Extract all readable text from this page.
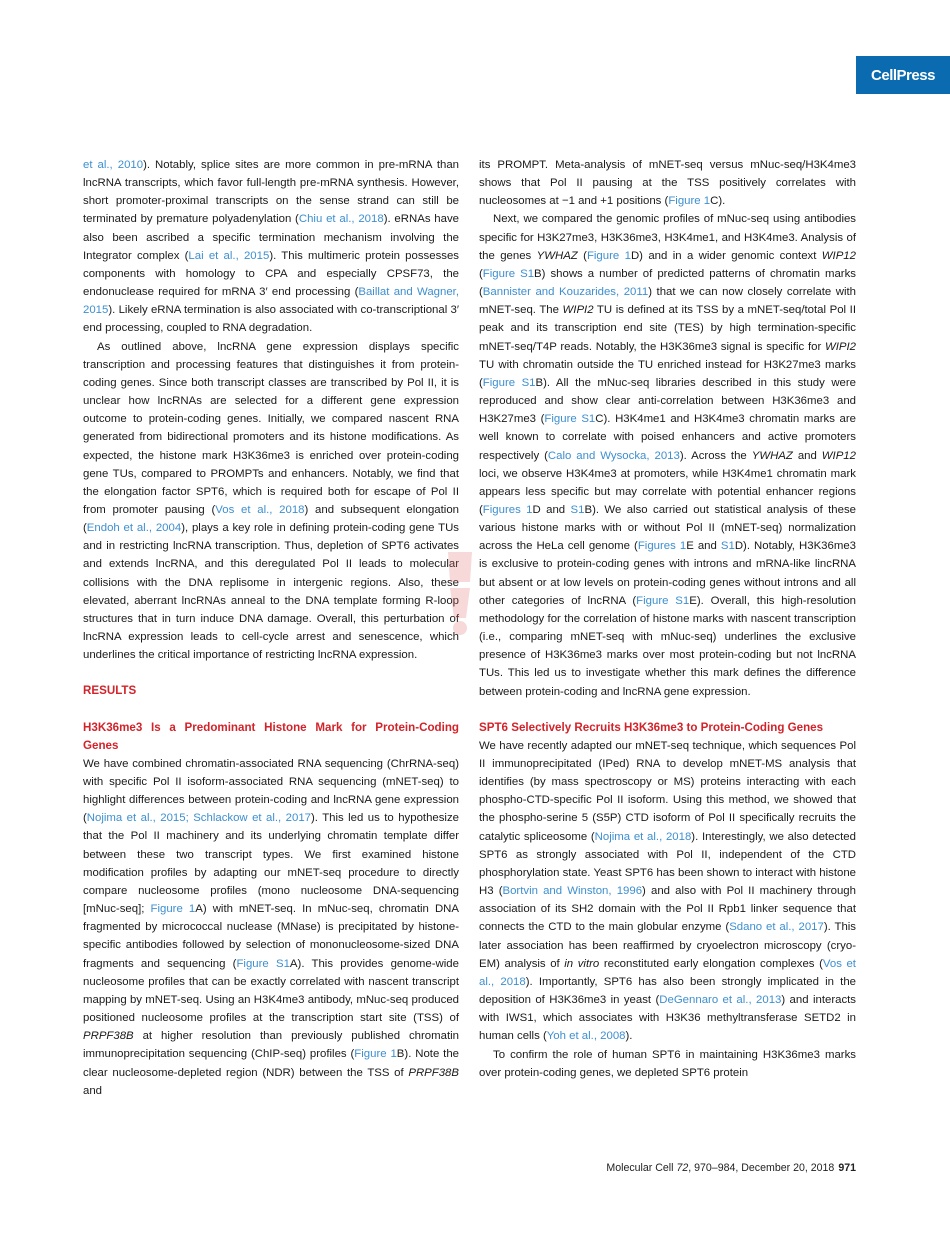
CellPress

et al., 2010). Notably, splice sites are more common in pre-mRNA than lncRNA transcripts, which favor full-length pre-mRNA synthesis. However, short promoter-proximal transcripts on the sense strand can still be terminated by premature polyadenylation (Chiu et al., 2018). eRNAs have also been ascribed a specific termination mechanism involving the Integrator complex (Lai et al., 2015). This multimeric protein possesses components with homology to CPA and especially CPSF73, the endonuclease required for mRNA 3′ end processing (Baillat and Wagner, 2015). Likely eRNA termination is also associated with co-transcriptional 3′ end processing, coupled to RNA degradation.

As outlined above, lncRNA gene expression displays specific transcription and processing features that distinguishes it from protein-coding genes. Since both transcript classes are transcribed by Pol II, it is unclear how lncRNAs are selected for a different gene expression outcome to protein-coding genes. Initially, we compared nascent RNA generated from bidirectional promoters and its histone modifications. As expected, the histone mark H3K36me3 is enriched over protein-coding gene TUs, compared to PROMPTs and enhancers. Notably, we find that the elongation factor SPT6, which is required both for escape of Pol II from promoter pausing (Vos et al., 2018) and subsequent elongation (Endoh et al., 2004), plays a key role in defining protein-coding gene TUs and in restricting lncRNA transcription. Thus, depletion of SPT6 activates and extends lncRNA, and this deregulated Pol II leads to molecular collisions with the DNA replisome in intergenic regions. Also, these elevated, aberrant lncRNAs anneal to the DNA template forming R-loop structures that in turn induce DNA damage. Overall, this perturbation of lncRNA expression leads to cell-cycle arrest and senescence, which underlines the critical importance of restricting lncRNA expression.

RESULTS
H3K36me3 Is a Predominant Histone Mark for Protein-Coding Genes

We have combined chromatin-associated RNA sequencing (ChrRNA-seq) with specific Pol II isoform-associated RNA sequencing (mNET-seq) to highlight differences between protein-coding and lncRNA gene expression (Nojima et al., 2015; Schlackow et al., 2017). This led us to hypothesize that the Pol II machinery and its underlying chromatin template differ between these two transcript types. We first examined histone modification profiles by adapting our mNET-seq procedure to directly compare nucleosome profiles (mono nucleosome DNA-sequencing [mNuc-seq]; Figure 1A) with mNET-seq. In mNuc-seq, chromatin DNA fragmented by micrococcal nuclease (MNase) is precipitated by histone-specific antibodies followed by selection of mononucleosome-sized DNA fragments and sequencing (Figure S1A). This provides genome-wide nucleosome profiles that can be exactly correlated with nascent transcript mapping by mNET-seq. Using an H3K4me3 antibody, mNuc-seq produced positioned nucleosome profiles at the transcription start site (TSS) of PRPF38B at higher resolution than previously published chromatin immunoprecipitation sequencing (ChIP-seq) profiles (Figure 1B). Note the clear nucleosome-depleted region (NDR) between the TSS of PRPF38B and

its PROMPT. Meta-analysis of mNET-seq versus mNuc-seq/H3K4me3 shows that Pol II pausing at the TSS positively correlates with nucleosomes at −1 and +1 positions (Figure 1C).

Next, we compared the genomic profiles of mNuc-seq using antibodies specific for H3K27me3, H3K36me3, H3K4me1, and H3K4me3. Analysis of the genes YWHAZ (Figure 1D) and in a wider genomic context WIP12 (Figure S1B) shows a number of predicted patterns of chromatin marks (Bannister and Kouzarides, 2011) that we can now closely correlate with mNET-seq. The WIPI2 TU is defined at its TSS by a mNET-seq/total Pol II peak and its transcription end site (TES) by high termination-specific mNET-seq/T4P reads. Notably, the H3K36me3 signal is specific for WIPI2 TU with chromatin outside the TU enriched instead for H3K27me3 marks (Figure S1B). All the mNuc-seq libraries described in this study were reproduced and show clear anti-correlation between H3K36me3 and H3K27me3 (Figure S1C). H3K4me1 and H3K4me3 chromatin marks are well known to correlate with poised enhancers and active promoters respectively (Calo and Wysocka, 2013). Across the YWHAZ and WIP12 loci, we observe H3K4me3 at promoters, while H3K4me1 chromatin mark appears less specific but may correlate with potential enhancer regions (Figures 1D and S1B). We also carried out statistical analysis of these various histone marks with or without Pol II (mNET-seq) normalization across the HeLa cell genome (Figures 1E and S1D). Notably, H3K36me3 is exclusive to protein-coding genes with introns and mRNA-like lincRNA but absent or at low levels on protein-coding genes without introns and all other categories of lncRNA (Figure S1E). Overall, this high-resolution methodology for the correlation of histone marks with nascent transcription (i.e., comparing mNET-seq with mNuc-seq) underlines the exclusive presence of H3K36me3 marks over most protein-coding but not lncRNA TUs. This led us to investigate whether this mark defines the difference between protein-coding and lncRNA gene expression.

SPT6 Selectively Recruits H3K36me3 to Protein-Coding Genes

We have recently adapted our mNET-seq technique, which sequences Pol II immunoprecipitated (IPed) RNA to develop mNET-MS analysis that identifies (by mass spectroscopy or MS) proteins interacting with each phospho-CTD-specific Pol II isoform. Using this method, we showed that the phospho-serine 5 (S5P) CTD isoform of Pol II specifically recruits the catalytic spliceosome (Nojima et al., 2018). Interestingly, we also detected SPT6 as strongly associated with Pol II, independent of the CTD phosphorylation state. Yeast SPT6 has been shown to interact with histone H3 (Bortvin and Winston, 1996) and also with Pol II machinery through association of its SH2 domain with the Pol II Rpb1 linker sequence that connects the CTD to the main globular enzyme (Sdano et al., 2017). This later association has been reaffirmed by cryoelectron microscopy (cryo-EM) analysis of in vitro reconstituted early elongation complexes (Vos et al., 2018). Importantly, SPT6 has also been strongly implicated in the deposition of H3K36me3 in yeast (DeGennaro et al., 2013) and interacts with IWS1, which associates with H3K36 methyltransferase SETD2 in human cells (Yoh et al., 2008).

To confirm the role of human SPT6 in maintaining H3K36me3 marks over protein-coding genes, we depleted SPT6 protein

Molecular Cell 72, 970–984, December 20, 2018 971
